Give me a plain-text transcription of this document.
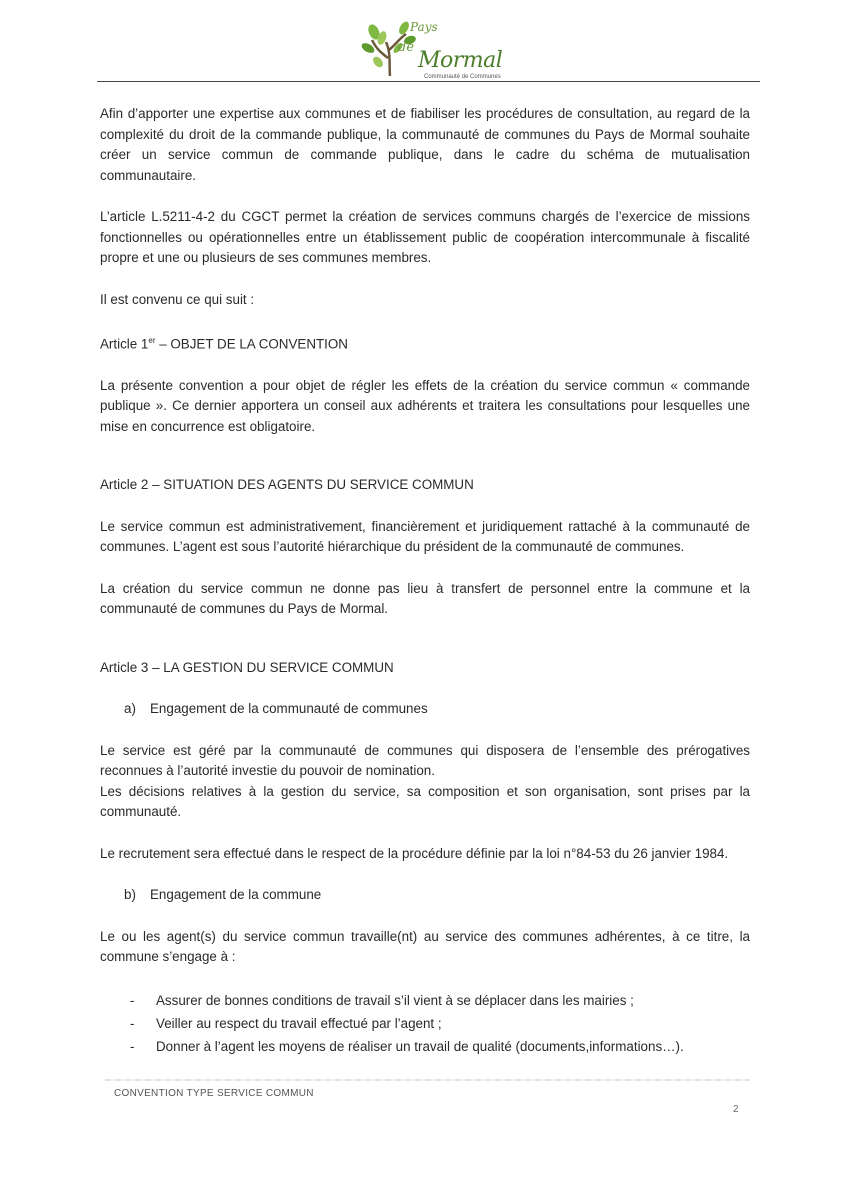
Pays
de
Mormal
Communauté de Communes

Afin d’apporter une expertise aux communes et de fiabiliser les procédures de consultation, au regard de la complexité du droit de la commande publique, la communauté de communes du Pays de Mormal souhaite créer un service commun de commande publique, dans le cadre du schéma de mutualisation communautaire.

L’article L.5211-4-2 du CGCT permet la création de services communs chargés de l’exercice de missions fonctionnelles ou opérationnelles entre un établissement public de coopération intercommunale à fiscalité propre et une ou plusieurs de ses communes membres.

Il est convenu ce qui suit :

Article 1er – OBJET DE LA CONVENTION

La présente convention a pour objet de régler les effets de la création du service commun « commande publique ». Ce dernier apportera un conseil aux adhérents et traitera les consultations pour lesquelles une mise en concurrence est obligatoire.

Article 2 – SITUATION DES AGENTS DU SERVICE COMMUN

Le service commun est administrativement, financièrement et juridiquement rattaché à la communauté de communes. L’agent est sous l’autorité hiérarchique du président de la communauté de communes.

La création du service commun ne donne pas lieu à transfert de personnel entre la commune et la communauté de communes du Pays de Mormal.

Article 3 – LA GESTION DU SERVICE COMMUN

a) Engagement de la communauté de communes

Le service est géré par la communauté de communes qui disposera de l’ensemble des prérogatives reconnues à l’autorité investie du pouvoir de nomination.

Les décisions relatives à la gestion du service, sa composition et son organisation, sont prises par la communauté.

Le recrutement sera effectué dans le respect de la procédure définie par la loi n°84-53 du 26 janvier 1984.

b) Engagement de la commune

Le ou les agent(s) du service commun travaille(nt) au service des communes adhérentes, à ce titre, la commune s’engage à :

- Assurer de bonnes conditions de travail s’il vient à se déplacer dans les mairies ;
- Veiller au respect du travail effectué par l’agent ;
- Donner à l’agent les moyens de réaliser un travail de qualité (documents,informations…).
CONVENTION TYPE SERVICE COMMUN
2
